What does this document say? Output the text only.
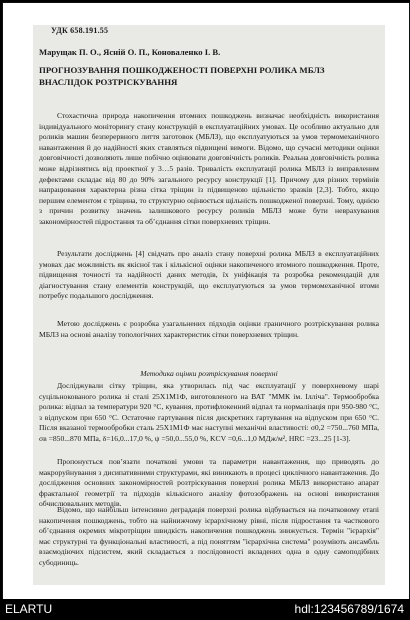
УДК 658.191.55
Марущак П. О., Ясній О. П., Коноваленко І. В.
ПРОГНОЗУВАННЯ ПОШКОДЖЕНОСТІ ПОВЕРХНІ РОЛИКА МБЛЗ ВНАСЛІДОК РОЗТРІСКУВАННЯ

Стохастична природа накопичення втомних пошкоджень визначає необхідність використання індивідуального моніторингу стану конструкцій в експлуатаційних умовах. Це особливо актуально для роликів машин безперервного лиття заготовок (МБЛЗ), що експлуатуються за умов термомеханічного навантаження й до надійності яких ставляться підвищені вимоги. Відомо, що сучасні методики оцінки довговічності дозволяють лише побічно оцінювати довговічність роликів. Реальна довговічність ролика може відрізнятись від проектної у 3…5 разів. Тривалість експлуатації ролика МБЛЗ із виправленим дефектами складає від 80 до 90% загального ресурсу конструкції [1]. Причому для різних термінів напрацювання характерна різна сітка тріщин із підвищеною щільністю зразків [2,3]. Тобто, якщо першим елементом є тріщина, то структурно оцінюється щільність пошкодженої поверхні. Тому, однією з причин розвитку значень залишкового ресурсу роликів МБЛЗ може бути неврахування закономірностей підростання та об’єднання сітки поверхневих тріщин.

Результати досліджень [4] свідчать про аналіз стану поверхні ролика МБЛЗ в експлуатаційних умовах дає можливість як якісної так і кількісної оцінки накопиченого втомного пошкодження. Проте, підвищення точності та надійності даних методів, їх уніфікація та розробка рекомендацій для діагностування стану елементів конструкцій, що експлуатуються за умов термомеханічної втоми потребує подальшого дослідження.

Метою досліджень є розробка узагальнених підходів оцінки граничного розтріскування ролика МБЛЗ на основі аналізу топологічних характеристик сітки поверхневих тріщин.

Методика оцінки розтріскування поверхні

Досліджували сітку тріщин, яка утворилась під час експлуатації у поверхневому шарі суцільнокованого ролика зі сталі 25Х1М1Ф, виготовленого на ВАТ "ММК ім. Ілліча". Термообробка ролика: відпал за температури 920 °С, кування, протифлокенний відпал та нормалізація при 950-980 °С, з відпуском при 650 °С. Остаточне гартування після дискретних гартування на відпуском при 650 °С. Після вказаної термообробки сталь 25Х1М1Ф має наступні механічні властивості: σ0,2 =750...760 МПа, σв =850...870 МПа, δ=16,0...17,0 %, ψ =50,0...55,0 %, KCV =0,6...1,0 МДж/м², HRC =23...25 [1-3].

Пропонується пов’язати початкові умови та параметри навантаження, що приводять до макроруйнування з дисипативними структурами, які виникають в процесі циклічного навантаження. До дослідження основних закономірностей розтріскування поверхні ролика МБЛЗ використано апарат фрактальної геометрії та підходів кількісного аналізу фотозображень на основі використання обчислювальних методів.

Відомо, що найбільш інтенсивно деградація поверхні ролика відбувається на початковому етапі накопичення пошкоджень, тобто на найнижчому ієрархічному рівні, після підростання та часткового об’єднання окремих мікротріщин швидкість накопичення пошкоджень знижується. Термін "ієрархія" має структурні та функціональні властивості, а під поняттям "ієрархічна система" розуміють ансамбль взаємодіючих підсистем, який складається з послідовності вкладених одна в одну самоподібних субодиниць.

ELARTU	hdl:123456789/1674
